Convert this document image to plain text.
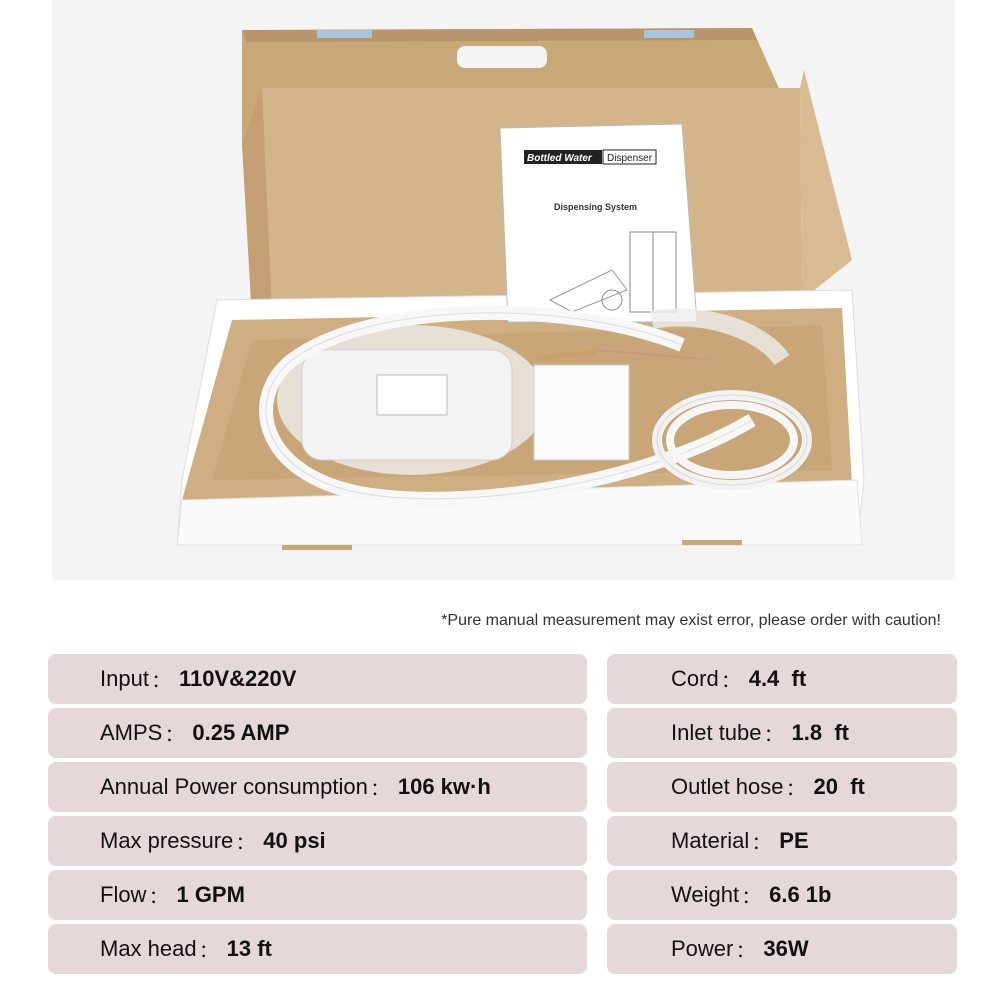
Bottled Water Dispenser
Dispensing System
*Pure manual measurement may exist error, please order with caution!
Input ： 110V&220V
AMPS ： 0.25 AMP
Annual Power consumption ： 106 kw·h
Max pressure ： 40 psi
Flow ： 1 GPM
Max head ： 13 ft
Cord ： 4.4  ft
Inlet tube ： 1.8  ft
Outlet hose ： 20  ft
Material ： PE
Weight ： 6.6 1b
Power ： 36W
